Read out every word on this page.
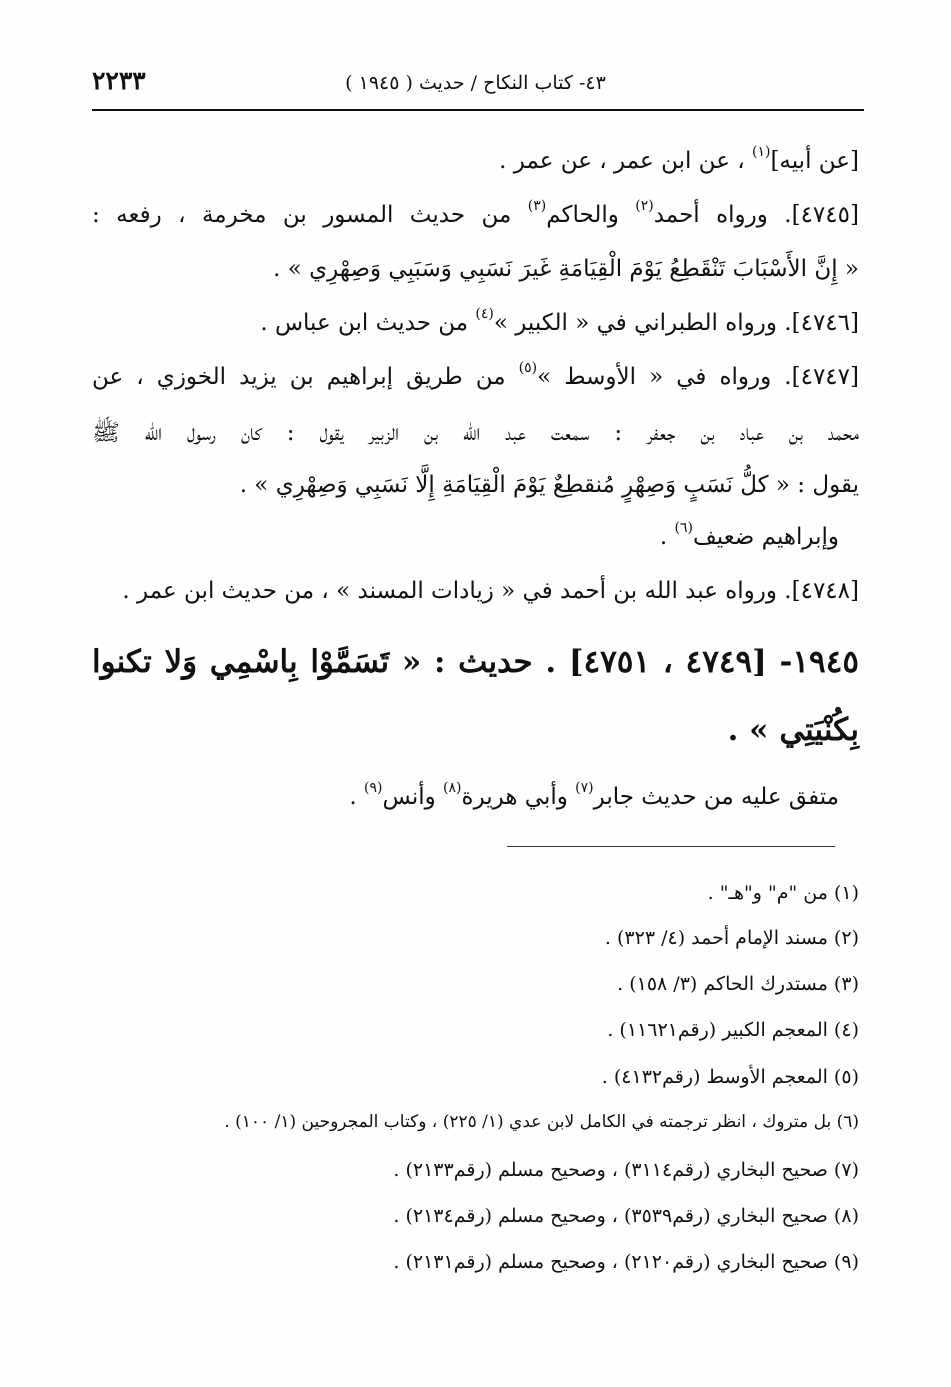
٢٢٣٣	٤٣- كتاب النكاح / حديث ( ١٩٤٥ )
[عن أبيه]$^{(١)}$ ، عن ابن عمر ، عن عمر .
[٤٧٤٥]. ورواه أحمد$^{(٢)}$ والحاكم$^{(٣)}$ من حديث المسور بن مخرمة ، رفعه :
« إِنَّ الأَسْبَابَ تَنْقَطِعُ يَوْمَ الْقِيَامَةِ غَيرَ نَسَبِي وَسَبَبِي وَصِهْرِي » .
[٤٧٤٦]. ورواه الطبراني في « الكبير »$^{(٤)}$ من حديث ابن عباس .
[٤٧٤٧]. ورواه في « الأوسط »$^{(٥)}$ من طريق إبراهيم بن يزيد الخوزي ، عن
محمد بن عباد بن جعفر : سمعت عبد الله بن الزبير يقول : كان رسول الله ﷺ
يقول : « كلُّ نَسَبٍ وَصِهْرٍ مُنقطِعٌ يَوْمَ الْقِيَامَةِ إِلَّا نَسَبِي وَصِهْرِي » .
وإبراهيم ضعيف$^{(٦)}$ .
[٤٧٤٨]. ورواه عبد الله بن أحمد في « زيادات المسند » ، من حديث ابن عمر .
١٩٤٥- [٤٧٤٩ ، ٤٧٥١] . حديث : « تَسَمَّوْا بِاسْمِي وَلا تكنوا
بِكُنْيَتِي » .
متفق عليه من حديث جابر$^{(٧)}$ وأبي هريرة$^{(٨)}$ وأنس$^{(٩)}$ .
(١) من "م" و"هـ" .
(٢) مسند الإمام أحمد (٤/ ٣٢٣) .
(٣) مستدرك الحاكم (٣/ ١٥٨) .
(٤) المعجم الكبير (رقم١١٦٢١) .
(٥) المعجم الأوسط (رقم٤١٣٢) .
(٦) بل متروك ، انظر ترجمته في الكامل لابن عدي (١/ ٢٢٥) ، وكتاب المجروحين (١/ ١٠٠) .
(٧) صحيح البخاري (رقم٣١١٤) ، وصحيح مسلم (رقم٢١٣٣) .
(٨) صحيح البخاري (رقم٣٥٣٩) ، وصحيح مسلم (رقم٢١٣٤) .
(٩) صحيح البخاري (رقم٢١٢٠) ، وصحيح مسلم (رقم٢١٣١) .
